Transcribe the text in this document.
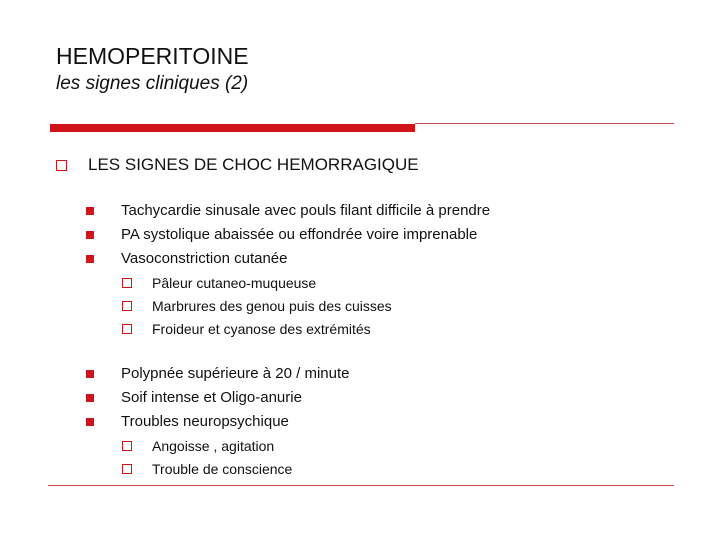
HEMOPERITOINE
les signes cliniques (2)
LES SIGNES DE CHOC HEMORRAGIQUE
Tachycardie sinusale avec pouls filant difficile à prendre
PA systolique abaissée ou effondrée voire imprenable
Vasoconstriction cutanée
Pâleur cutaneo-muqueuse
Marbrures des genou puis des cuisses
Froideur et cyanose des extrémités
Polypnée supérieure à 20 / minute
Soif intense et Oligo-anurie
Troubles neuropsychique
Angoisse , agitation
Trouble de conscience
